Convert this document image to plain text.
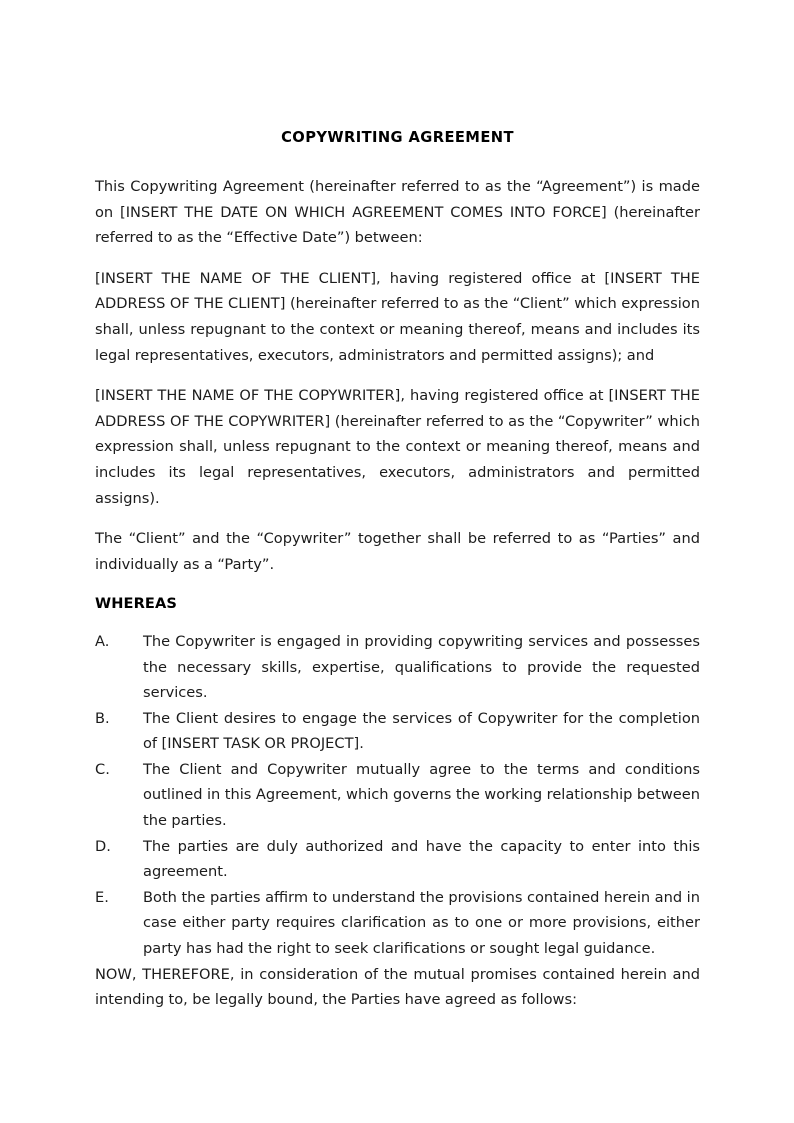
COPYWRITING AGREEMENT

This Copywriting Agreement (hereinafter referred to as the “Agreement”) is made on [INSERT THE DATE ON WHICH AGREEMENT COMES INTO FORCE] (hereinafter referred to as the “Effective Date”) between:

[INSERT THE NAME OF THE CLIENT], having registered office at [INSERT THE ADDRESS OF THE CLIENT] (hereinafter referred to as the “Client” which expression shall, unless repugnant to the context or meaning thereof, means and includes its legal representatives, executors, administrators and permitted assigns); and

[INSERT THE NAME OF THE COPYWRITER], having registered office at [INSERT THE ADDRESS OF THE COPYWRITER] (hereinafter referred to as the “Copywriter” which expression shall, unless repugnant to the context or meaning thereof, means and includes its legal representatives, executors, administrators and permitted assigns).

The “Client” and the “Copywriter” together shall be referred to as “Parties” and individually as a “Party”.

WHEREAS
A. The Copywriter is engaged in providing copywriting services and possesses the necessary skills, expertise, qualifications to provide the requested services.
B. The Client desires to engage the services of Copywriter for the completion of [INSERT TASK OR PROJECT].
C. The Client and Copywriter mutually agree to the terms and conditions outlined in this Agreement, which governs the working relationship between the parties.
D. The parties are duly authorized and have the capacity to enter into this agreement.
E. Both the parties affirm to understand the provisions contained herein and in case either party requires clarification as to one or more provisions, either party has had the right to seek clarifications or sought legal guidance.

NOW, THEREFORE, in consideration of the mutual promises contained herein and intending to, be legally bound, the Parties have agreed as follows:
